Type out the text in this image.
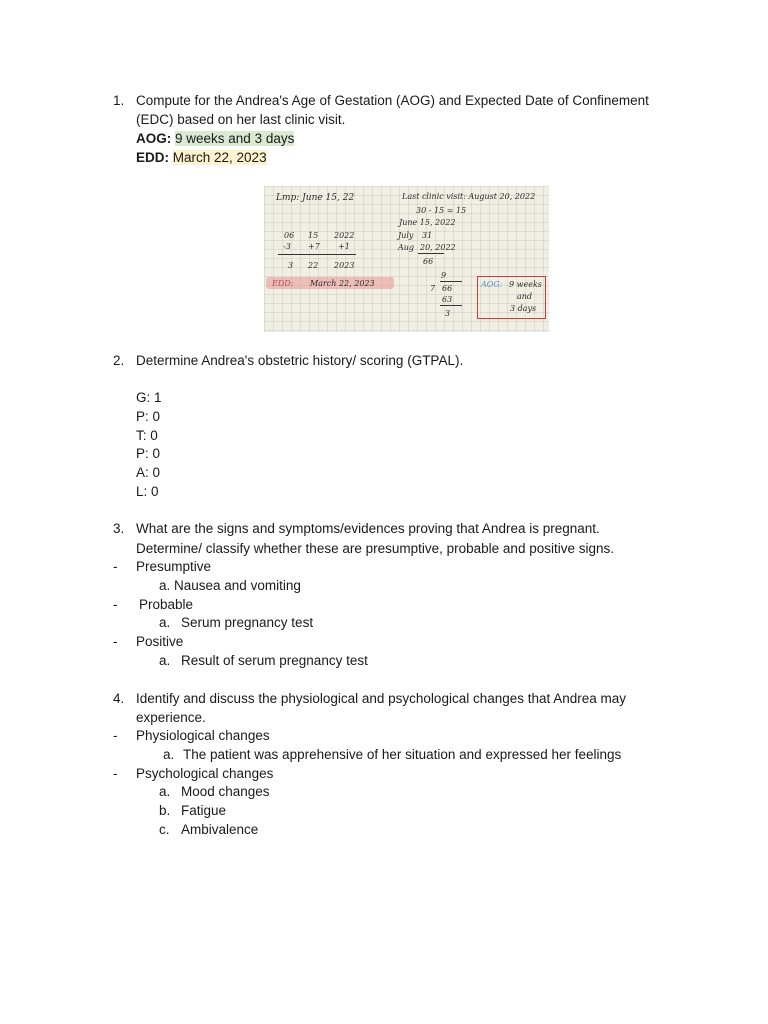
1. Compute for the Andrea's Age of Gestation (AOG) and Expected Date of Confinement
(EDC) based on her last clinic visit.
AOG: 9 weeks and 3 days
EDD: March 22, 2023
Lmp: June 15, 22	Last clinic visit: August 20, 2022
06 15 2022
-3 +7 +1
3 22 2023
EDD: March 22, 2023
30 - 15 = 15
June 15, 2022
July 31
Aug 20, 2022
66
9
7 66
63
3
AOG: 9 weeks
and
3 days
2. Determine Andrea's obstetric history/ scoring (GTPAL).
G: 1
P: 0
T: 0
P: 0
A: 0
L: 0
3. What are the signs and symptoms/evidences proving that Andrea is pregnant.
Determine/ classify whether these are presumptive, probable and positive signs.
- Presumptive
a. Nausea and vomiting
- Probable
a. Serum pregnancy test
- Positive
a. Result of serum pregnancy test
4. Identify and discuss the physiological and psychological changes that Andrea may
experience.
- Physiological changes
a. The patient was apprehensive of her situation and expressed her feelings
- Psychological changes
a. Mood changes
b. Fatigue
c. Ambivalence
